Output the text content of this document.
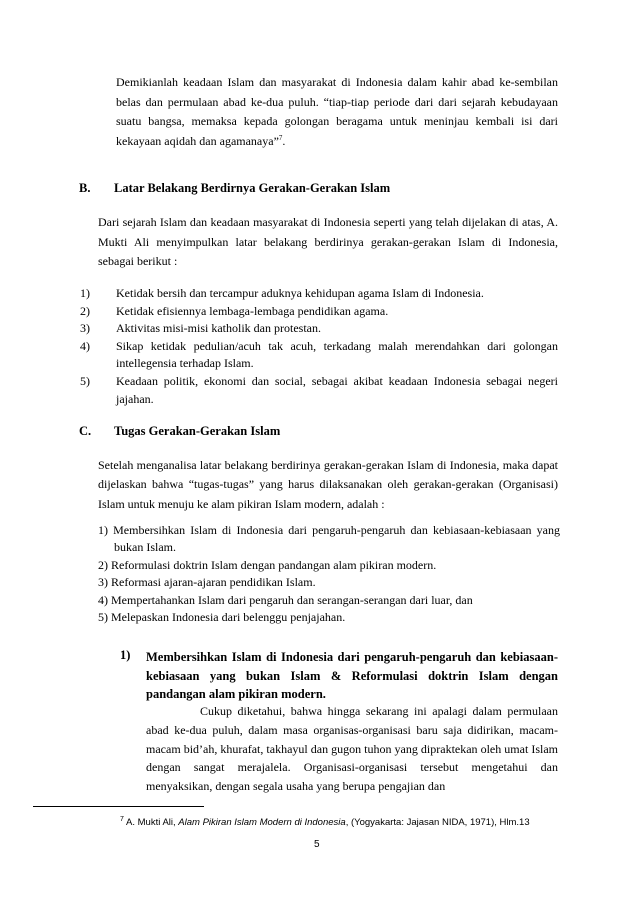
Demikianlah keadaan Islam dan masyarakat di Indonesia dalam kahir abad ke-sembilan belas dan permulaan abad ke-dua puluh. “tiap-tiap periode dari dari sejarah kebudayaan suatu bangsa, memaksa kepada golongan beragama untuk meninjau kembali isi dari kekayaan aqidah dan agamanaya”$^7$.

B. Latar Belakang Berdirnya Gerakan-Gerakan Islam

Dari sejarah Islam dan keadaan masyarakat di Indonesia seperti yang telah dijelakan di atas, A. Mukti Ali menyimpulkan latar belakang berdirinya gerakan-gerakan Islam di Indonesia, sebagai berikut :

1) Ketidak bersih dan tercampur aduknya kehidupan agama Islam di Indonesia.
2) Ketidak efisiennya lembaga-lembaga pendidikan agama.
3) Aktivitas misi-misi katholik dan protestan.
4) Sikap ketidak pedulian/acuh tak acuh, terkadang malah merendahkan dari golongan intellegensia terhadap Islam.
5) Keadaan politik, ekonomi dan social, sebagai akibat keadaan Indonesia sebagai negeri jajahan.
C. Tugas Gerakan-Gerakan Islam

Setelah menganalisa latar belakang berdirinya gerakan-gerakan Islam di Indonesia, maka dapat dijelaskan bahwa “tugas-tugas” yang harus dilaksanakan oleh gerakan-gerakan (Organisasi) Islam untuk menuju ke alam pikiran Islam modern, adalah :

1) Membersihkan Islam di Indonesia dari pengaruh-pengaruh dan kebiasaan-kebiasaan yang bukan Islam.
2) Reformulasi doktrin Islam dengan pandangan alam pikiran modern.
3) Reformasi ajaran-ajaran pendidikan Islam.
4) Mempertahankan Islam dari pengaruh dan serangan-serangan dari luar, dan
5) Melepaskan Indonesia dari belenggu penjajahan.
1) Membersihkan Islam di Indonesia dari pengaruh-pengaruh dan kebiasaan-kebiasaan yang bukan Islam & Reformulasi doktrin Islam dengan pandangan alam pikiran modern.

Cukup diketahui, bahwa hingga sekarang ini apalagi dalam permulaan abad ke-dua puluh, dalam masa organisas-organisasi baru saja didirikan, macam-macam bid’ah, khurafat, takhayul dan gugon tuhon yang dipraktekan oleh umat Islam dengan sangat merajalela. Organisasi-organisasi tersebut mengetahui dan menyaksikan, dengan segala usaha yang berupa pengajian dan

$^7$ A. Mukti Ali, Alam Pikiran Islam Modern di Indonesia, (Yogyakarta: Jajasan NIDA, 1971), Hlm.13
5
